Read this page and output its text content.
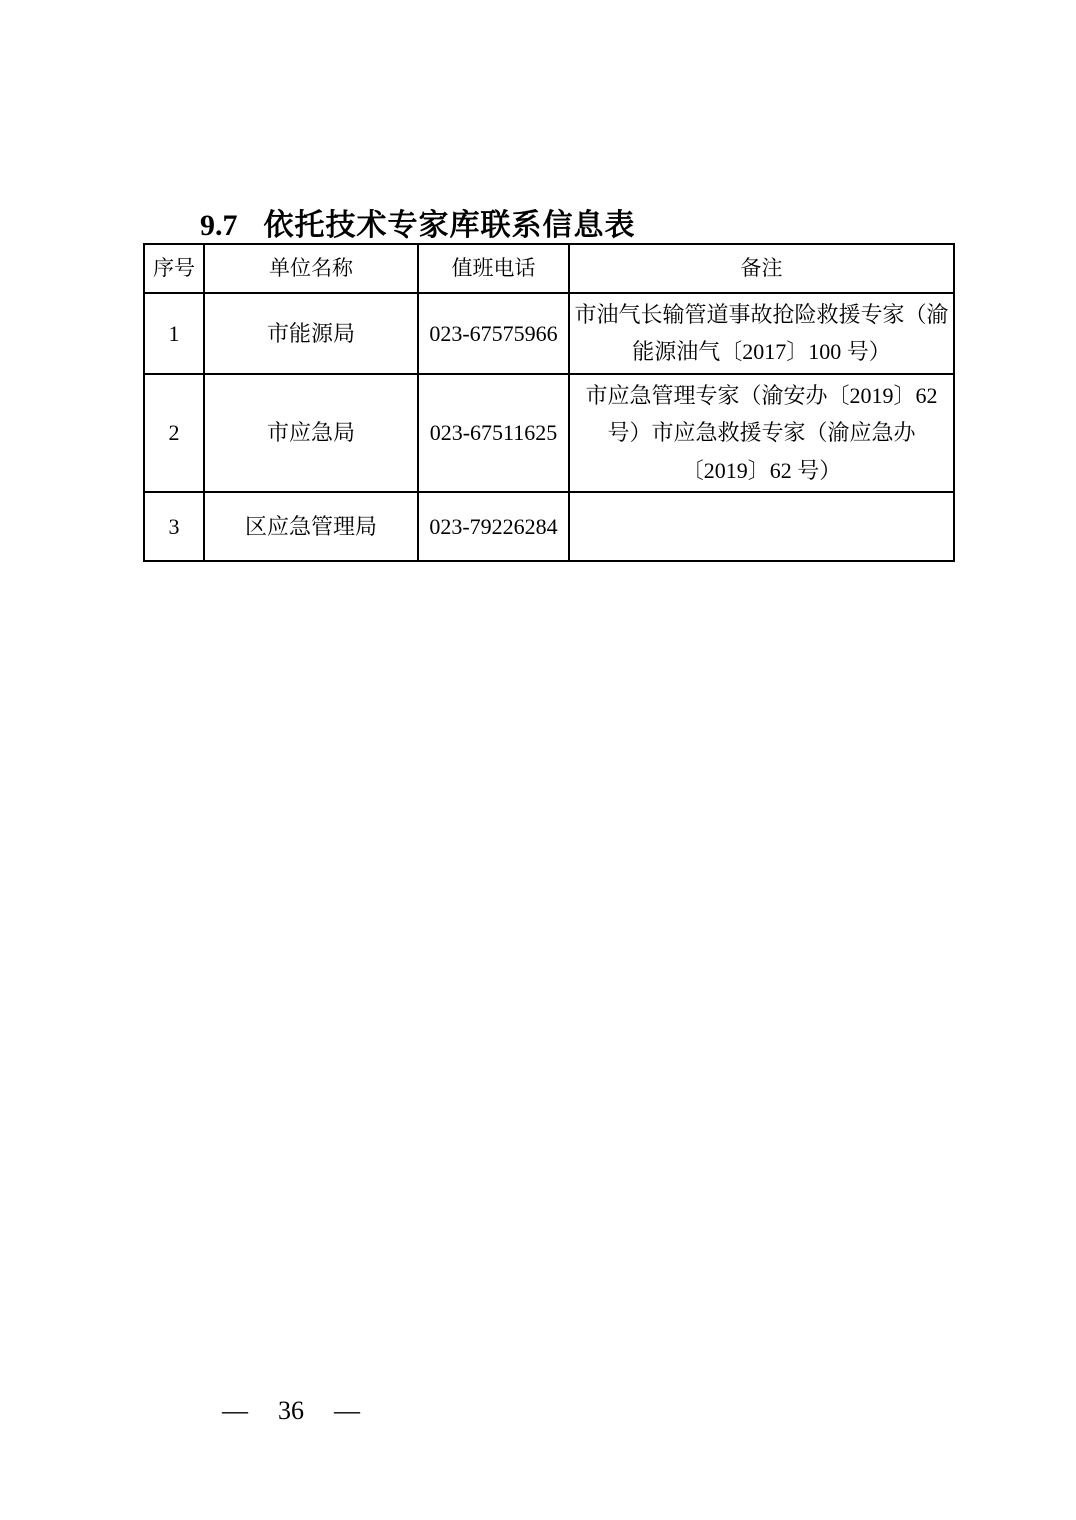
9.7 依托技术专家库联系信息表
序号	单位名称	值班电话	备注
1	市能源局	023-67575966	市油气长输管道事故抢险救援专家（渝能源油气〔2017〕100 号）
2	市应急局	023-67511625	市应急管理专家（渝安办〔2019〕62 号）市应急救援专家（渝应急办 〔2019〕62 号）
3	区应急管理局	023-79226284	
— 36 —
